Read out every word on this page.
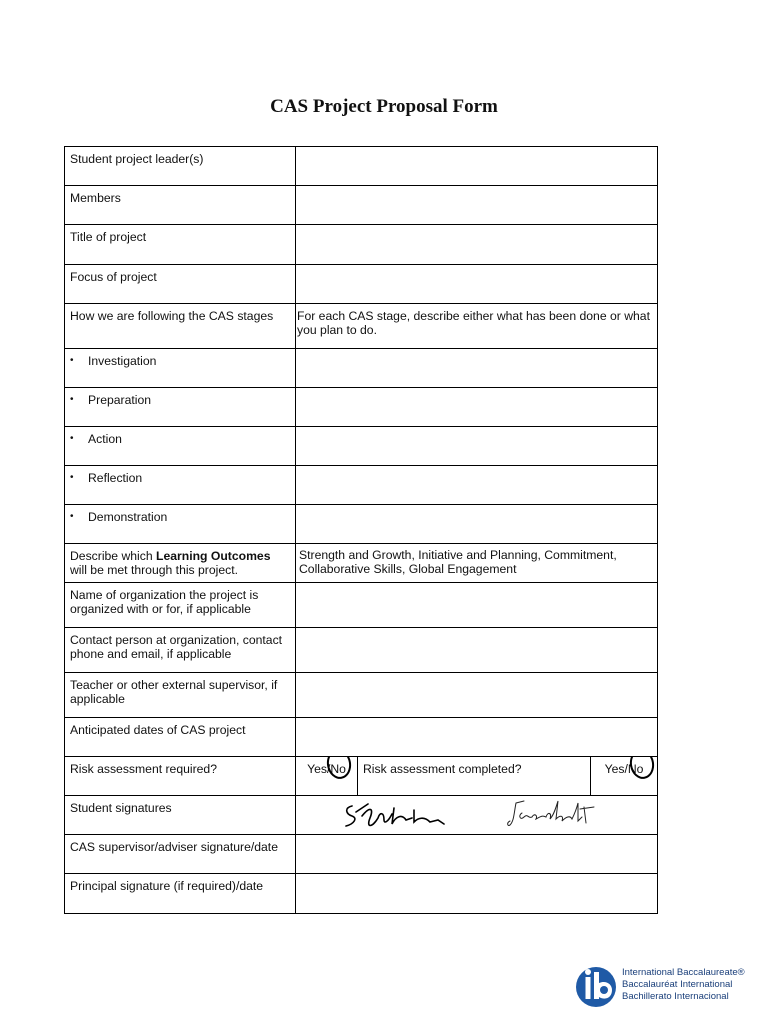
CAS Project Proposal Form
Student project leader(s)			
Members			
Title of project			
Focus of project			
How we are following the CAS stages	For each CAS stage, describe either what has been done or what you plan to do.		
• Investigation			
• Preparation			
• Action			
• Reflection			
• Demonstration			
Describe which Learning Outcomes will be met through this project.	Strength and Growth, Initiative and Planning, Commitment, Collaborative Skills, Global Engagement		
Name of organization the project is organized with or for, if applicable			
Contact person at organization, contact phone and email, if applicable			
Teacher or other external supervisor, if applicable			
Anticipated dates of CAS project			
Risk assessment required?	Yes/No	Risk assessment completed?	Yes/No

Student signatures	

CAS supervisor/adviser signature/date			
Principal signature (if required)/date			
International Baccalaureate®
Baccalauréat International
Bachillerato Internacional
